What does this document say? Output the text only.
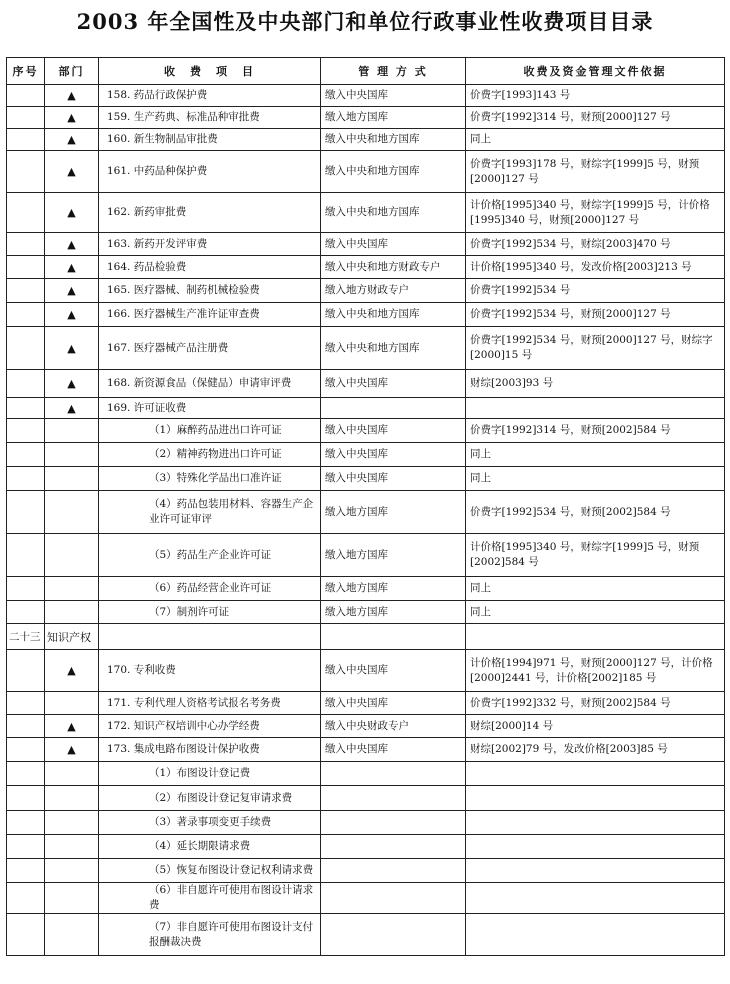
2003 年全国性及中央部门和单位行政事业性收费项目目录
序号	部门	收　费　项　目	管 理 方 式	收费及资金管理文件依据
	▲	158. 药品行政保护费	缴入中央国库	价费字[1993]143 号
	▲	159. 生产药典、标准品种审批费	缴入地方国库	价费字[1992]314 号，财预[2000]127 号
	▲	160. 新生物制品审批费	缴入中央和地方国库	同上
	▲	161. 中药品种保护费	缴入中央和地方国库	价费字[1993]178 号，财综字[1999]5 号，财预[2000]127 号
	▲	162. 新药审批费	缴入中央和地方国库	计价格[1995]340 号，财综字[1999]5 号，计价格[1995]340 号，财预[2000]127 号
	▲	163. 新药开发评审费	缴入中央国库	价费字[1992]534 号，财综[2003]470 号
	▲	164. 药品检验费	缴入中央和地方财政专户	计价格[1995]340 号，发改价格[2003]213 号
	▲	165. 医疗器械、制药机械检验费	缴入地方财政专户	价费字[1992]534 号
	▲	166. 医疗器械生产准许证审查费	缴入中央和地方国库	价费字[1992]534 号，财预[2000]127 号
	▲	167. 医疗器械产品注册费	缴入中央和地方国库	价费字[1992]534 号，财预[2000]127 号，财综字[2000]15 号
	▲	168. 新资源食品（保健品）申请审评费	缴入中央国库	财综[2003]93 号
	▲	169. 许可证收费		
		（1）麻醉药品进出口许可证	缴入中央国库	价费字[1992]314 号，财预[2002]584 号
		（2）精神药物进出口许可证	缴入中央国库	同上
		（3）特殊化学品出口准许证	缴入中央国库	同上
		（4）药品包装用材料、容器生产企业许可证审评	缴入地方国库	价费字[1992]534 号，财预[2002]584 号
		（5）药品生产企业许可证	缴入地方国库	计价格[1995]340 号，财综字[1999]5 号，财预[2002]584 号
		（6）药品经营企业许可证	缴入地方国库	同上
		（7）制剂许可证	缴入地方国库	同上
二十三	知识产权			
	▲	170. 专利收费	缴入中央国库	计价格[1994]971 号，财预[2000]127 号，计价格[2000]2441 号，计价格[2002]185 号
		171. 专利代理人资格考试报名考务费	缴入中央国库	价费字[1992]332 号，财预[2002]584 号
	▲	172. 知识产权培训中心办学经费	缴入中央财政专户	财综[2000]14 号
	▲	173. 集成电路布图设计保护收费	缴入中央国库	财综[2002]79 号，发改价格[2003]85 号
		（1）布图设计登记费		
		（2）布图设计登记复审请求费		
		（3）著录事项变更手续费		
		（4）延长期限请求费		
		（5）恢复布图设计登记权利请求费		
		（6）非自愿许可使用布图设计请求费		
		（7）非自愿许可使用布图设计支付报酬裁决费		
